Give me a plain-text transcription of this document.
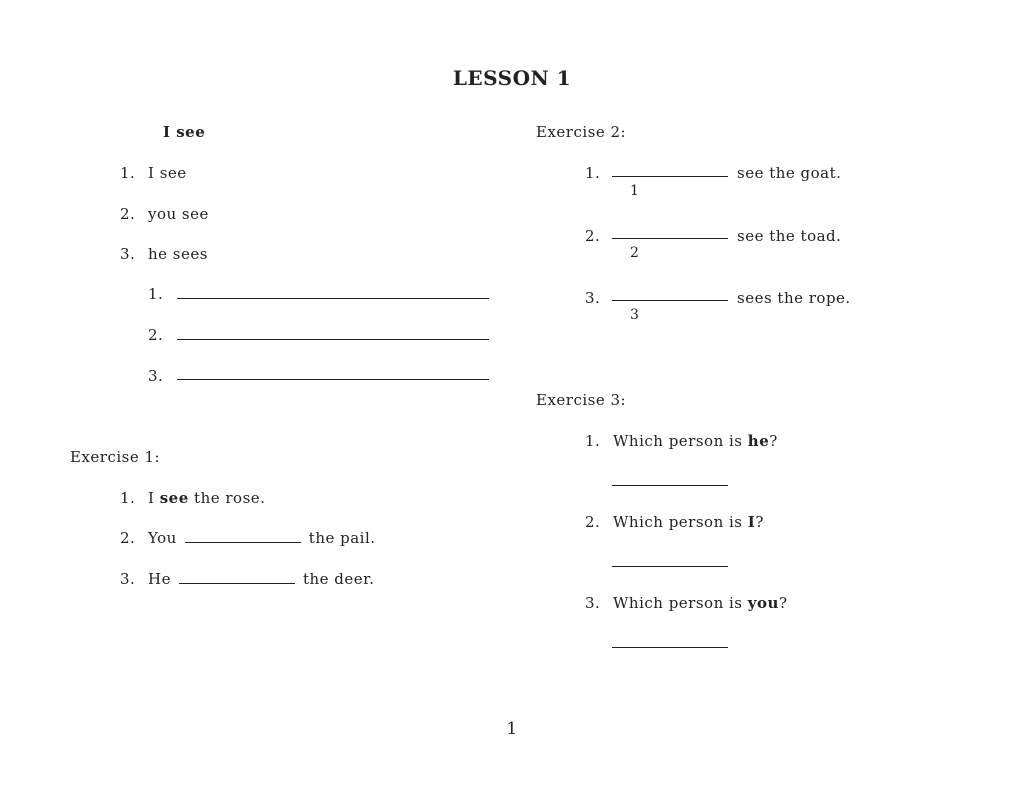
LESSON 1
I see
1. I see
2. you see
3. he sees
1.
2.
3.
Exercise 1:
1. I see the rose.
2. You	the pail.
3. He	the deer.
Exercise 2:
1.
1
see the goat.
2.
2
see the toad.
3.
3
sees the rope.
Exercise 3:
1. Which person is he?
2. Which person is I?
3. Which person is you?
1
